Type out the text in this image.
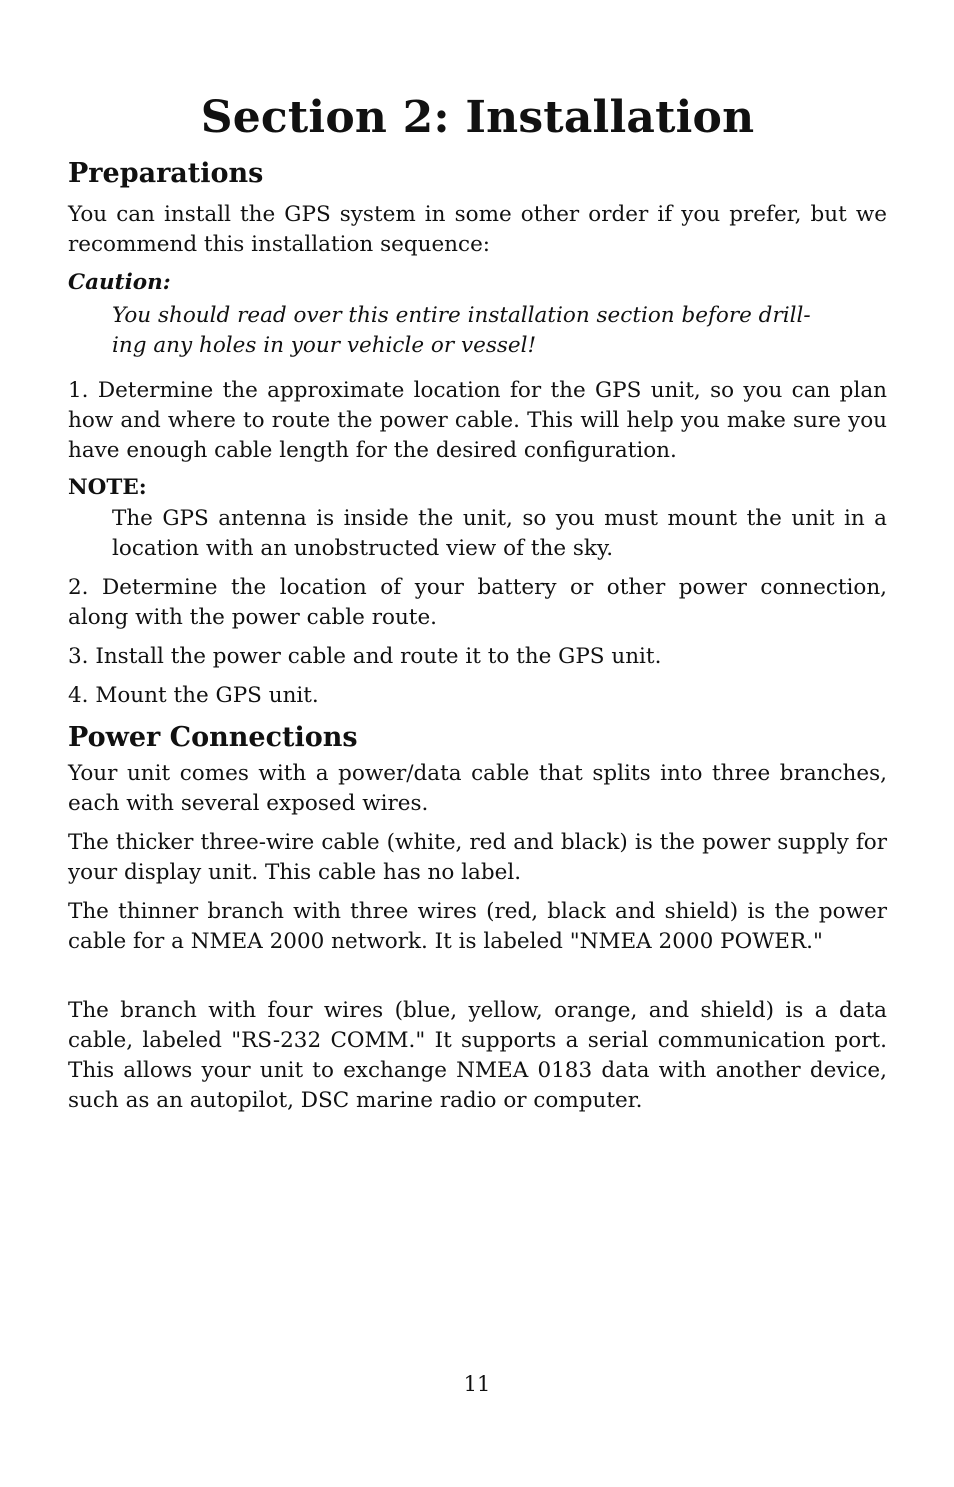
Section 2: Installation
Preparations

You can install the GPS system in some other order if you prefer, but we recommend this installation sequence:

Caution:

You should read over this entire installation section before drill-ing any holes in your vehicle or vessel!

1. Determine the approximate location for the GPS unit, so you can plan how and where to route the power cable. This will help you make sure you have enough cable length for the desired configuration.

NOTE:

The GPS antenna is inside the unit, so you must mount the unit in a location with an unobstructed view of the sky.

2. Determine the location of your battery or other power connection, along with the power cable route.

3. Install the power cable and route it to the GPS unit.

4. Mount the GPS unit.

Power Connections

Your unit comes with a power/data cable that splits into three branches, each with several exposed wires.

The thicker three-wire cable (white, red and black) is the power supply for your display unit. This cable has no label.

The thinner branch with three wires (red, black and shield) is the power cable for a NMEA 2000 network. It is labeled "NMEA 2000 POWER."

The branch with four wires (blue, yellow, orange, and shield) is a data cable, labeled "RS-232 COMM." It supports a serial communication port. This allows your unit to exchange NMEA 0183 data with another device, such as an autopilot, DSC marine radio or computer.

11
